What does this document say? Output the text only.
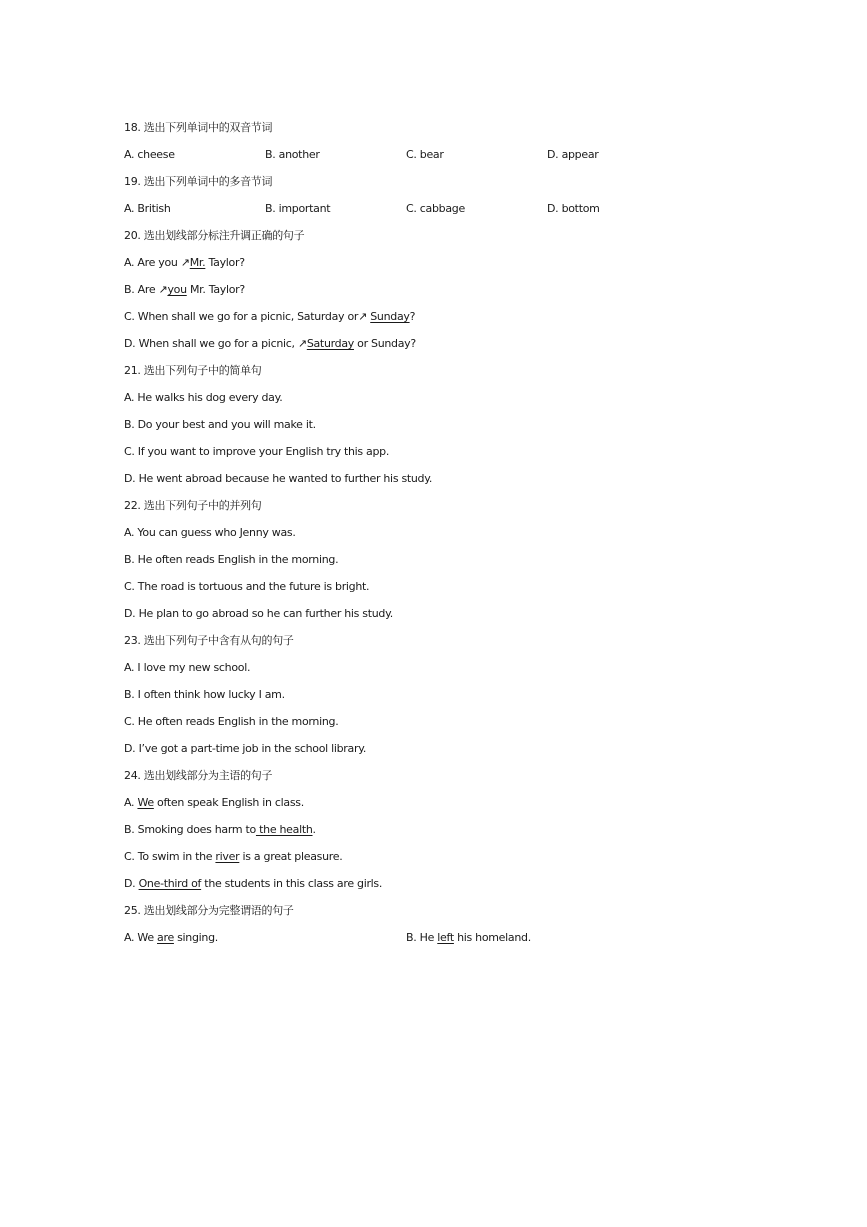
18. 选出下列单词中的双音节词
A. cheese	B. another	C. bear	D. appear
19. 选出下列单词中的多音节词
A. British	B. important	C. cabbage	D. bottom
20. 选出划线部分标注升调正确的句子
A. Are you ↗Mr. Taylor?
B. Are ↗you Mr. Taylor?
C. When shall we go for a picnic, Saturday or↗ Sunday?
D. When shall we go for a picnic, ↗Saturday or Sunday?
21. 选出下列句子中的简单句
A. He walks his dog every day.
B. Do your best and you will make it.
C. If you want to improve your English try this app.
D. He went abroad because he wanted to further his study.
22. 选出下列句子中的并列句
A. You can guess who Jenny was.
B. He often reads English in the morning.
C. The road is tortuous and the future is bright.
D. He plan to go abroad so he can further his study.
23. 选出下列句子中含有从句的句子
A. I love my new school.
B. I often think how lucky I am.
C. He often reads English in the morning.
D. I’ve got a part-time job in the school library.
24. 选出划线部分为主语的句子
A. We often speak English in class.
B. Smoking does harm to the health.
C. To swim in the river is a great pleasure.
D. One-third of the students in this class are girls.
25. 选出划线部分为完整谓语的句子
A. We are singing.	B. He left his homeland.
